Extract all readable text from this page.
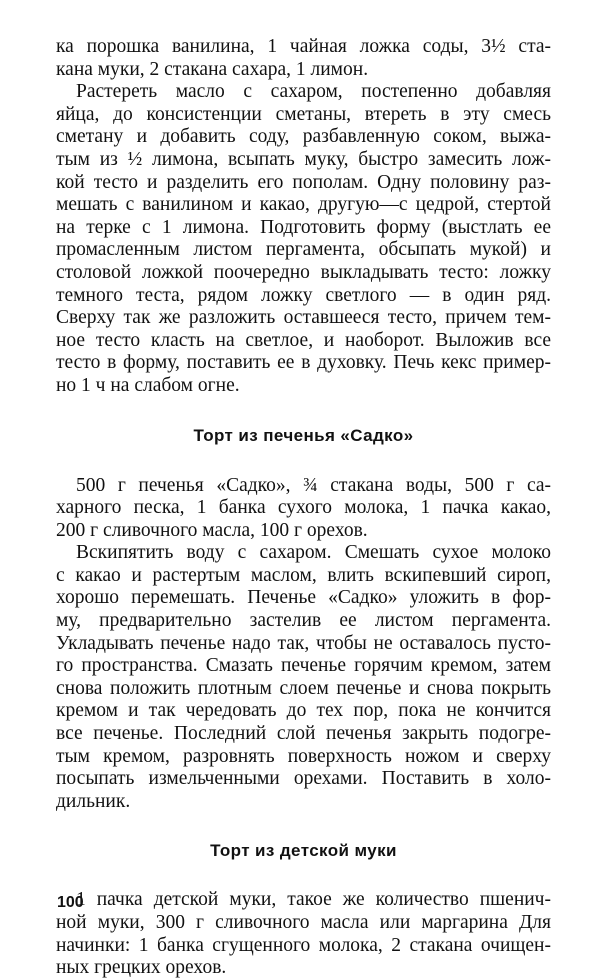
ка порошка ванилина, 1 чайная ложка соды, 3½ ста-
кана муки, 2 стакана сахара, 1 лимон.
Растереть масло с сахаром, постепенно добавляя
яйца, до консистенции сметаны, втереть в эту смесь
сметану и добавить соду, разбавленную соком, выжа-
тым из ½ лимона, всыпать муку, быстро замесить лож-
кой тесто и разделить его пополам. Одну половину раз-
мешать с ванилином и какао, другую—с цедрой, стертой
на терке с 1 лимона. Подготовить форму (выстлать ее
промасленным листом пергамента, обсыпать мукой) и
столовой ложкой поочередно выкладывать тесто: ложку
темного теста, рядом ложку светлого — в один ряд.
Сверху так же разложить оставшееся тесто, причем тем-
ное тесто класть на светлое, и наоборот. Выложив все
тесто в форму, поставить ее в духовку. Печь кекс пример-
но 1 ч на слабом огне.
Торт из печенья «Садко»
500 г печенья «Садко», ¾ стакана воды, 500 г са-
харного песка, 1 банка сухого молока, 1 пачка какао,
200 г сливочного масла, 100 г орехов.
Вскипятить воду с сахаром. Смешать сухое молоко
с какао и растертым маслом, влить вскипевший сироп,
хорошо перемешать. Печенье «Садко» уложить в фор-
му, предварительно застелив ее листом пергамента.
Укладывать печенье надо так, чтобы не оставалось пусто-
го пространства. Смазать печенье горячим кремом, затем
снова положить плотным слоем печенье и снова покрыть
кремом и так чередовать до тех пор, пока не кончится
все печенье. Последний слой печенья закрыть подогре-
тым кремом, разровнять поверхность ножом и сверху
посыпать измельченными орехами. Поставить в холо-
дильник.
Торт из детской муки
1 пачка детской муки, такое же количество пшенич-
ной муки, 300 г сливочного масла или маргарина Для
начинки: 1 банка сгущенного молока, 2 стакана очищен-
ных грецких орехов.
100
